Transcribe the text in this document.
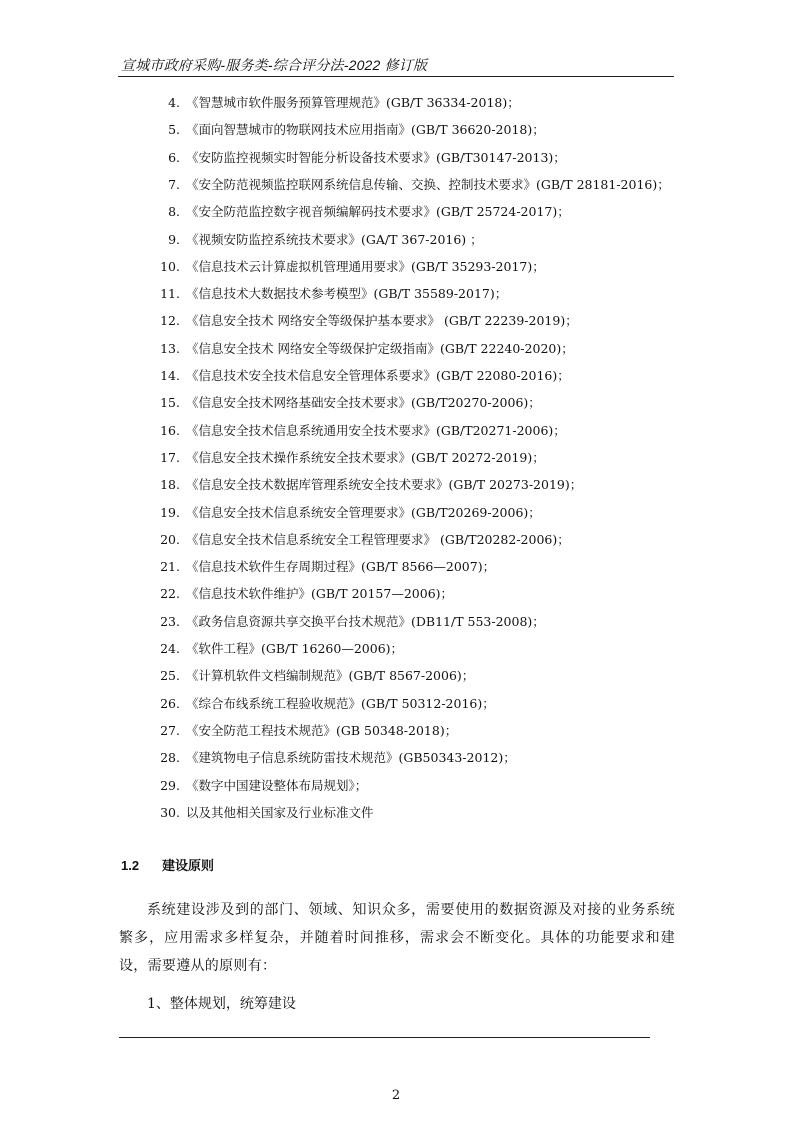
宣城市政府采购-服务类-综合评分法-2022 修订版
4. 《智慧城市软件服务预算管理规范》(GB/T 36334-2018)；
5. 《面向智慧城市的物联网技术应用指南》(GB/T 36620-2018)；
6. 《安防监控视频实时智能分析设备技术要求》(GB/T30147-2013)；
7. 《安全防范视频监控联网系统信息传输、交换、控制技术要求》(GB/T 28181-2016)；
8. 《安全防范监控数字视音频编解码技术要求》(GB/T 25724-2017)；
9. 《视频安防监控系统技术要求》(GA/T 367-2016) ；
10. 《信息技术云计算虚拟机管理通用要求》(GB/T 35293-2017)；
11. 《信息技术大数据技术参考模型》(GB/T 35589-2017)；
12. 《信息安全技术 网络安全等级保护基本要求》 (GB/T 22239-2019)；
13. 《信息安全技术 网络安全等级保护定级指南》(GB/T 22240-2020)；
14. 《信息技术安全技术信息安全管理体系要求》(GB/T 22080-2016)；
15. 《信息安全技术网络基础安全技术要求》(GB/T20270-2006)；
16. 《信息安全技术信息系统通用安全技术要求》(GB/T20271-2006)；
17. 《信息安全技术操作系统安全技术要求》(GB/T 20272-2019)；
18. 《信息安全技术数据库管理系统安全技术要求》(GB/T 20273-2019)；
19. 《信息安全技术信息系统安全管理要求》(GB/T20269-2006)；
20. 《信息安全技术信息系统安全工程管理要求》 (GB/T20282-2006)；
21. 《信息技术软件生存周期过程》(GB/T 8566—2007)；
22. 《信息技术软件维护》(GB/T 20157—2006)；
23. 《政务信息资源共享交换平台技术规范》(DB11/T 553-2008)；
24. 《软件工程》(GB/T 16260—2006)；
25. 《计算机软件文档编制规范》(GB/T 8567-2006)；
26. 《综合布线系统工程验收规范》(GB/T 50312-2016)；
27. 《安全防范工程技术规范》(GB 50348-2018)；
28. 《建筑物电子信息系统防雷技术规范》(GB50343-2012)；
29. 《数字中国建设整体布局规划》；
30. 以及其他相关国家及行业标准文件
1.2 建设原则

系统建设涉及到的部门、领域、知识众多，需要使用的数据资源及对接的业务系统繁多，应用需求多样复杂，并随着时间推移，需求会不断变化。具体的功能要求和建设，需要遵从的原则有：

1、整体规划，统筹建设
2
